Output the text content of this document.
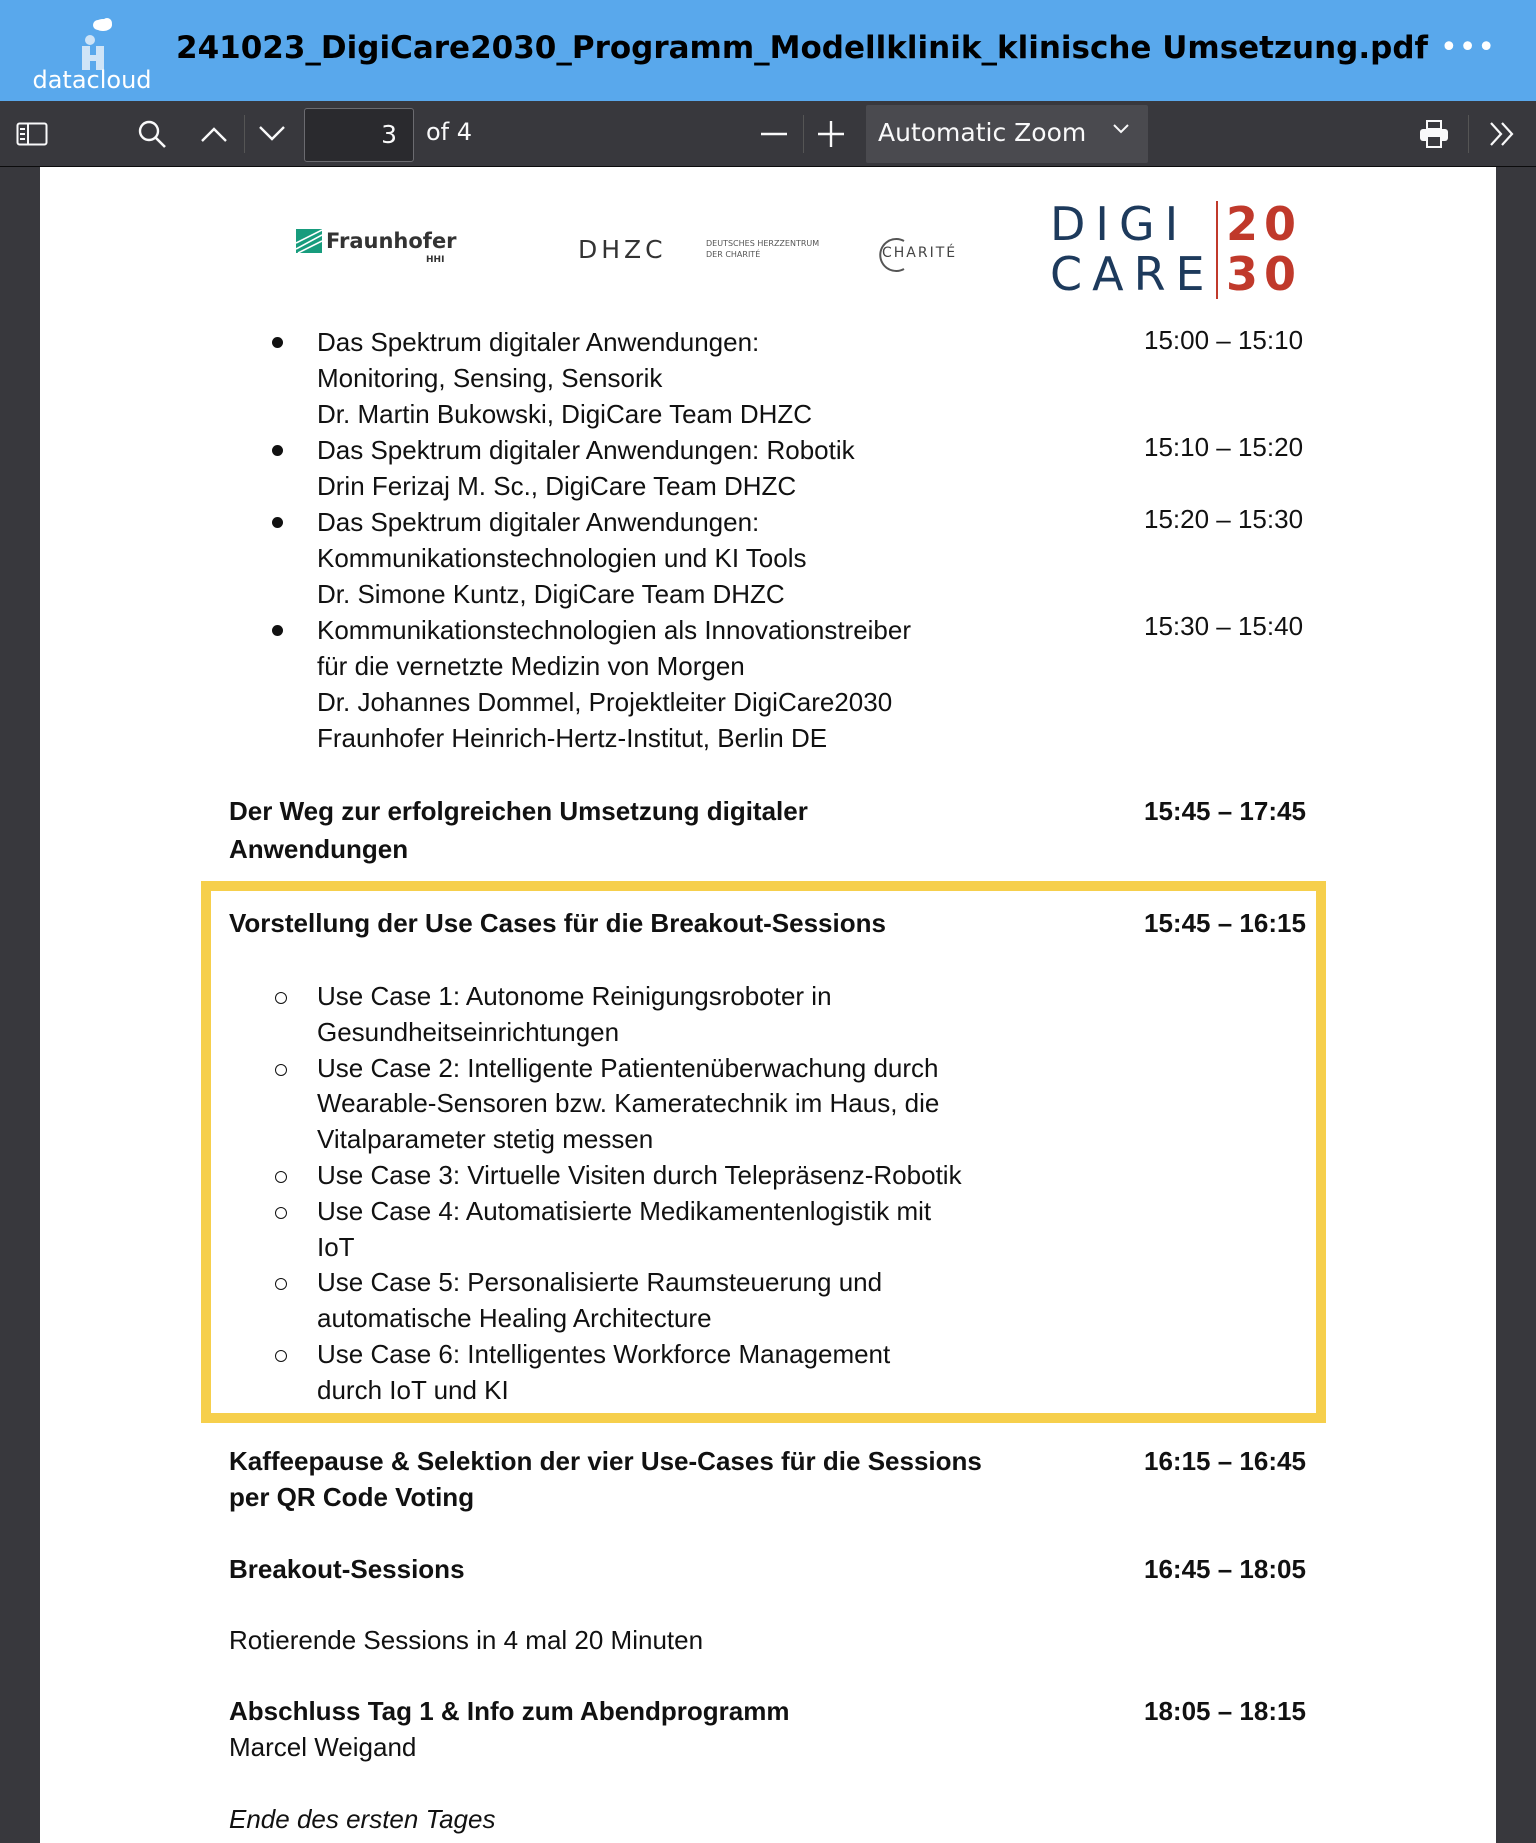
datacloud
241023_DigiCare2030_Programm_Modellklinik_klinische Umsetzung.pdf •••
3	of 4	Automatic Zoom
Fraunhofer
HHI	DHZC	DEUTSCHES HERZZENTRUM
DER CHARITÉ	CHARITÉ
DIGI
CARE
20
30
Das Spektrum digitaler Anwendungen:
Monitoring, Sensing, Sensorik
Dr. Martin Bukowski, DigiCare Team DHZC
15:00 – 15:10
Das Spektrum digitaler Anwendungen: Robotik
Drin Ferizaj M. Sc., DigiCare Team DHZC
15:10 – 15:20
Das Spektrum digitaler Anwendungen:
Kommunikationstechnologien und KI Tools
Dr. Simone Kuntz, DigiCare Team DHZC
15:20 – 15:30
Kommunikationstechnologien als Innovationstreiber
für die vernetzte Medizin von Morgen
Dr. Johannes Dommel, Projektleiter DigiCare2030
Fraunhofer Heinrich-Hertz-Institut, Berlin DE
15:30 – 15:40
Der Weg zur erfolgreichen Umsetzung digitaler
Anwendungen
15:45 – 17:45
Vorstellung der Use Cases für die Breakout-Sessions	15:45 – 16:15
Use Case 1: Autonome Reinigungsroboter in
Gesundheitseinrichtungen
Use Case 2: Intelligente Patientenüberwachung durch
Wearable-Sensoren bzw. Kameratechnik im Haus, die
Vitalparameter stetig messen
Use Case 3: Virtuelle Visiten durch Telepräsenz-Robotik
Use Case 4: Automatisierte Medikamentenlogistik mit
IoT
Use Case 5: Personalisierte Raumsteuerung und
automatische Healing Architecture
Use Case 6: Intelligentes Workforce Management
durch IoT und KI
Kaffeepause & Selektion der vier Use-Cases für die Sessions
per QR Code Voting
16:15 – 16:45
Breakout-Sessions	16:45 – 18:05
Rotierende Sessions in 4 mal 20 Minuten
Abschluss Tag 1 & Info zum Abendprogramm	18:05 – 18:15
Marcel Weigand
Ende des ersten Tages
